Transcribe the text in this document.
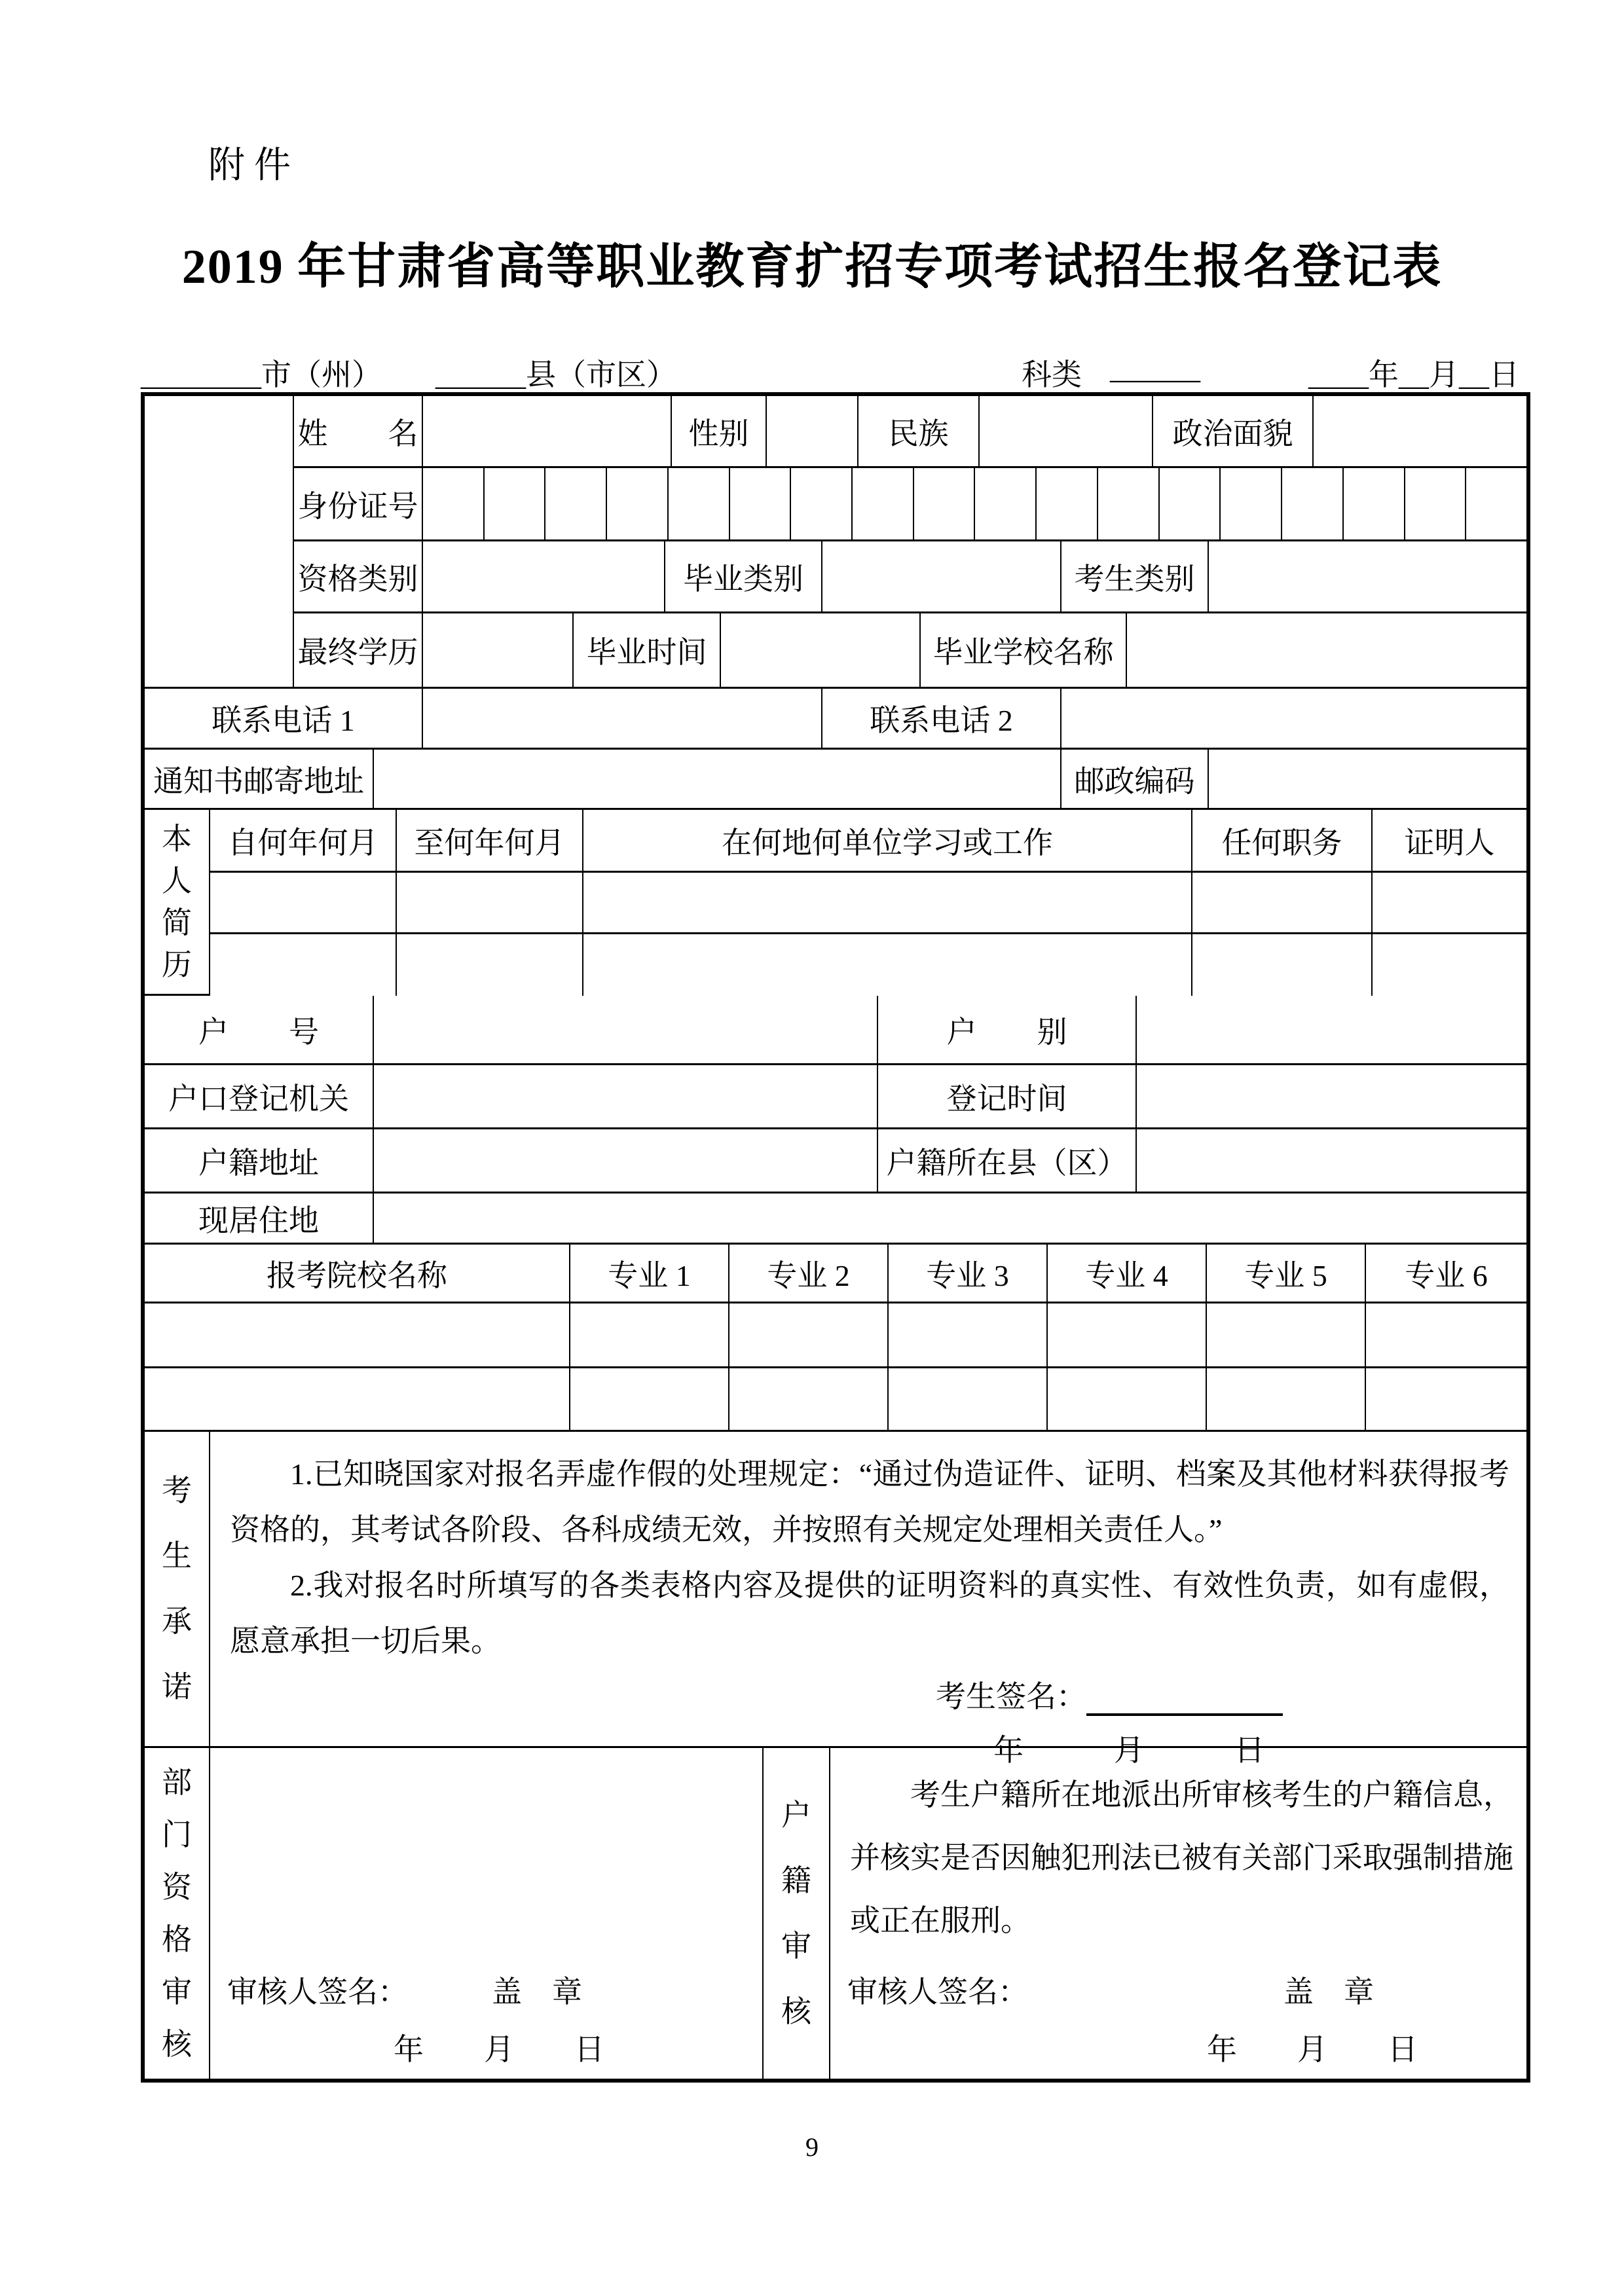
附件
2019 年甘肃省高等职业教育扩招专项考试招生报名登记表
________市（州） ______县（市区）	科类 ______	____年__月__日
姓　　名	性别	民族	政治面貌
身份证号
资格类别	毕业类别	考生类别
最终学历	毕业时间	毕业学校名称
联系电话 1	联系电话 2
通知书邮寄地址	邮政编码
本人简历
自何年何月	至何年何月	在何地何单位学习或工作	任何职务	证明人
户　　号	户　　别
户口登记机关	登记时间
户籍地址	户籍所在县（区）
现居住地
报考院校名称	专业 1	专业 2	专业 3	专业 4	专业 5	专业 6
考生承诺

1.已知晓国家对报名弄虚作假的处理规定：“通过伪造证件、证明、档案及其他材料获得报考资格的，其考试各阶段、各科成绩无效，并按照有关规定处理相关责任人。”

2.我对报名时所填写的各类表格内容及提供的证明资料的真实性、有效性负责，如有虚假，愿意承担一切后果。

考生签名：
年　　　月　　　日
部门资格审核
审核人签名：	盖　章
年　　月　　日
户籍审核

考生户籍所在地派出所审核考生的户籍信息，并核实是否因触犯刑法已被有关部门采取强制措施或正在服刑。

审核人签名：	盖　章
年　　月　　日
9
